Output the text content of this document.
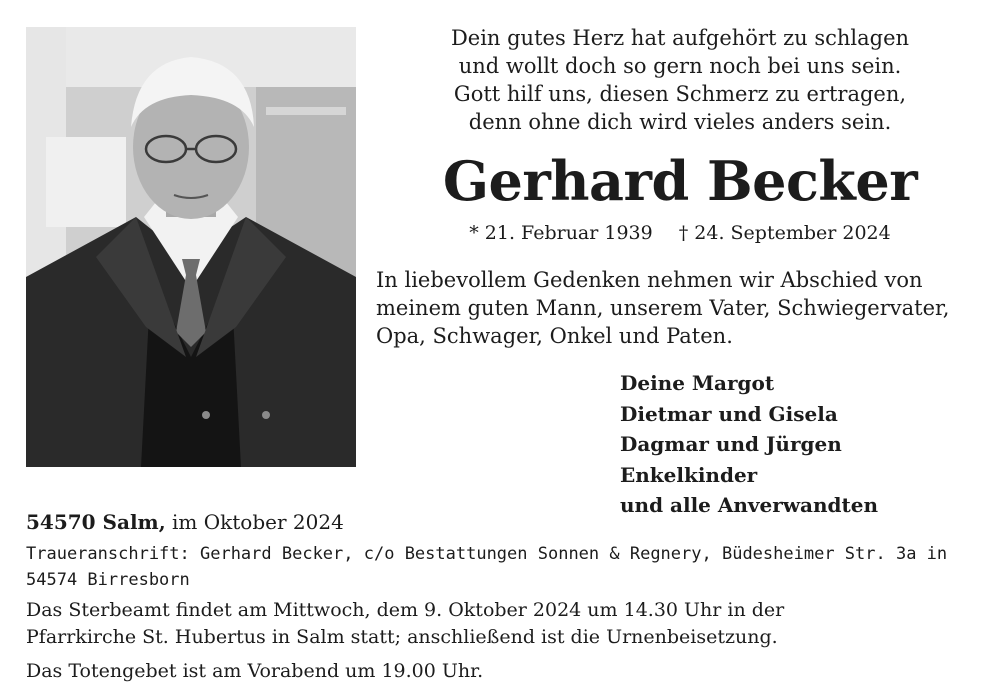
Dein gutes Herz hat aufgehört zu schlagen
und wollt doch so gern noch bei uns sein.
Gott hilf uns, diesen Schmerz zu ertragen,
denn ohne dich wird vieles anders sein.
Gerhard Becker
* 21. Februar 1939 † 24. September 2024
In liebevollem Gedenken nehmen wir Abschied von
meinem guten Mann, unserem Vater, Schwiegervater,
Opa, Schwager, Onkel und Paten.
Deine Margot
Dietmar und Gisela
Dagmar und Jürgen
Enkelkinder
und alle Anverwandten
54570 Salm, im Oktober 2024
Traueranschrift: Gerhard Becker, c/o Bestattungen Sonnen & Regnery, Büdesheimer Str. 3a in
54574 Birresborn
Das Sterbeamt findet am Mittwoch, dem 9. Oktober 2024 um 14.30 Uhr in der
Pfarrkirche St. Hubertus in Salm statt; anschließend ist die Urnenbeisetzung.
Das Totengebet ist am Vorabend um 19.00 Uhr.
